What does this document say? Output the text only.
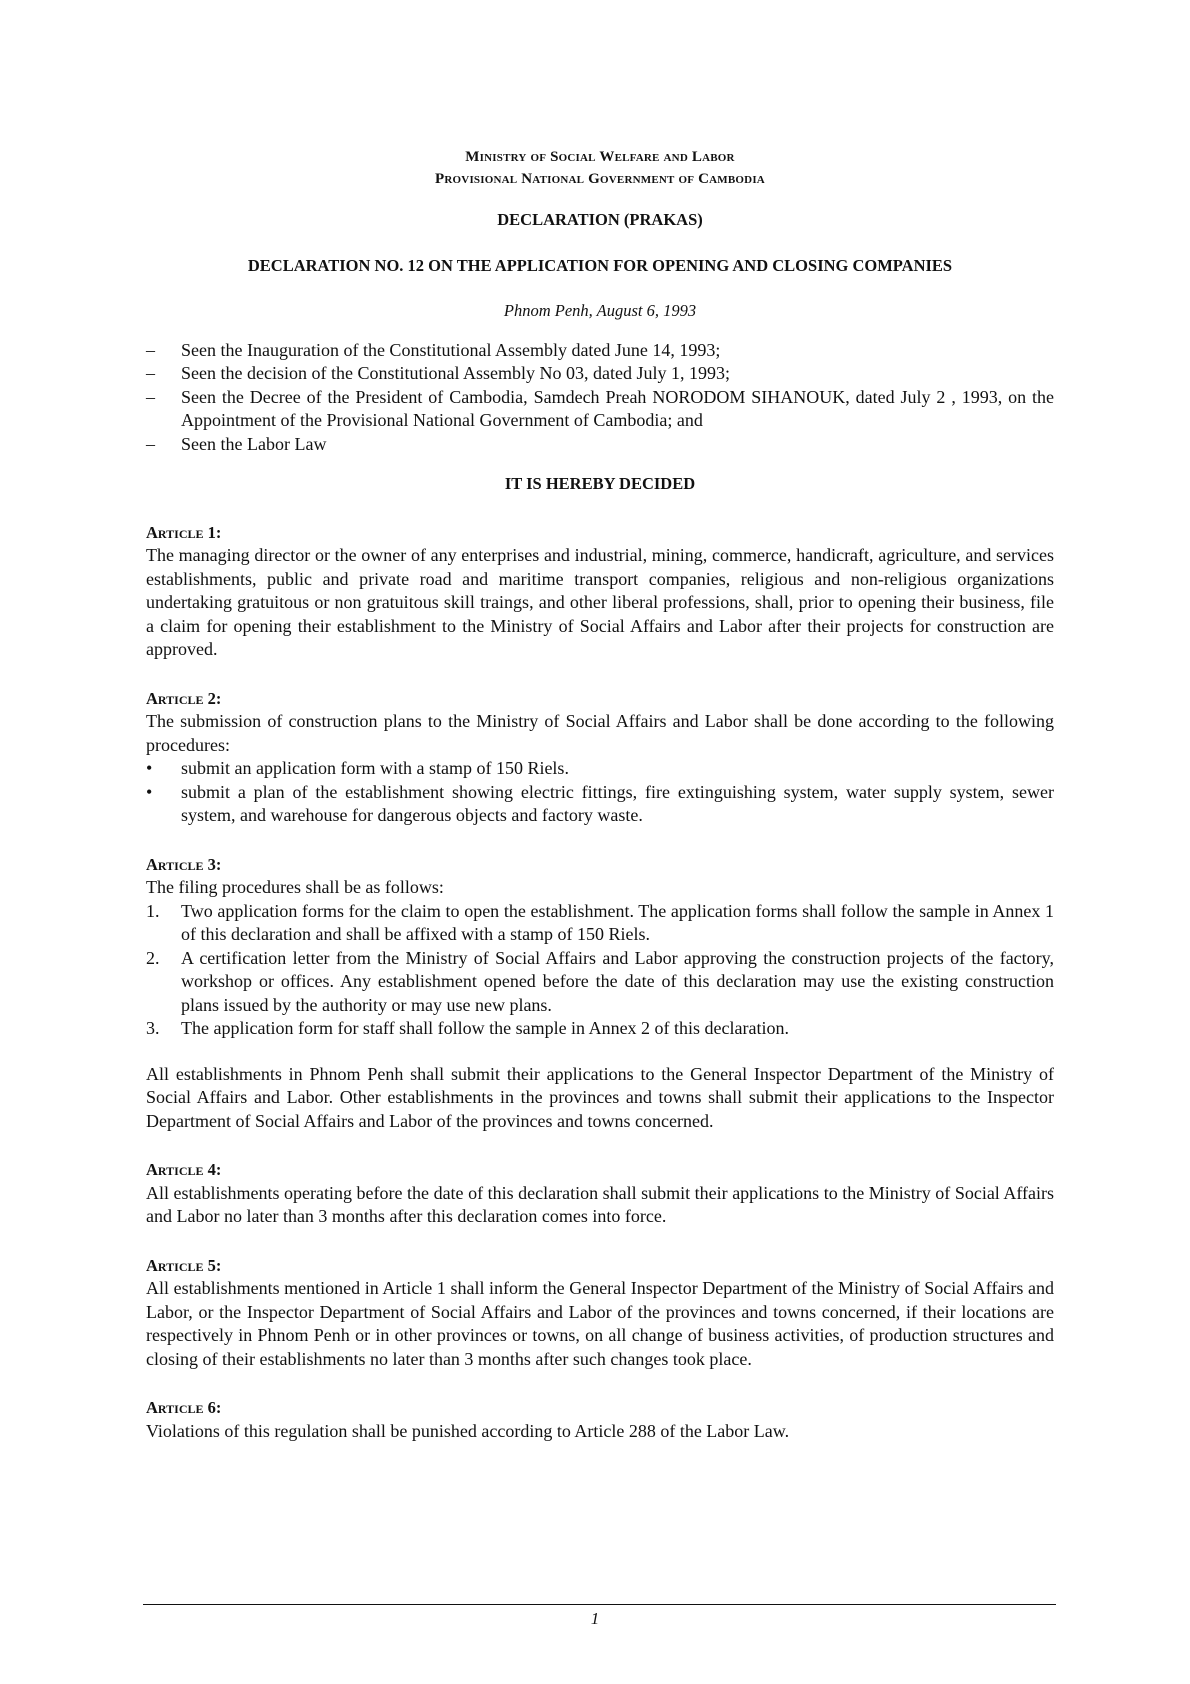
Ministry of Social Welfare and Labor
Provisional National Government of Cambodia
DECLARATION (PRAKAS)
DECLARATION NO. 12 ON THE APPLICATION FOR OPENING AND CLOSING COMPANIES
Phnom Penh, August 6, 1993
–	Seen the Inauguration of the Constitutional Assembly dated June 14, 1993;
–	Seen the decision of the Constitutional Assembly No 03, dated July 1, 1993;
–	Seen the Decree of the President of Cambodia, Samdech Preah NORODOM SIHANOUK, dated July 2 , 1993, on the Appointment of the Provisional National Government of Cambodia; and
–	Seen the Labor Law
IT IS HEREBY DECIDED
Article 1:

The managing director or the owner of any enterprises and industrial, mining, commerce, handicraft, agriculture, and services establishments, public and private road and maritime transport companies, religious and non-religious organizations undertaking gratuitous or non gratuitous skill traings, and other liberal professions, shall, prior to opening their business, file a claim for opening their establishment to the Ministry of Social Affairs and Labor after their projects for construction are approved.

Article 2:

The submission of construction plans to the Ministry of Social Affairs and Labor shall be done according to the following procedures:

•	submit an application form with a stamp of 150 Riels.
•	submit a plan of the establishment showing electric fittings, fire extinguishing system, water supply system, sewer system, and warehouse for dangerous objects and factory waste.
Article 3:

The filing procedures shall be as follows:

1.	Two application forms for the claim to open the establishment. The application forms shall follow the sample in Annex 1 of this declaration and shall be affixed with a stamp of 150 Riels.
2.	A certification letter from the Ministry of Social Affairs and Labor approving the construction projects of the factory, workshop or offices. Any establishment opened before the date of this declaration may use the existing construction plans issued by the authority or may use new plans.
3.	The application form for staff shall follow the sample in Annex 2 of this declaration.

All establishments in Phnom Penh shall submit their applications to the General Inspector Department of the Ministry of Social Affairs and Labor. Other establishments in the provinces and towns shall submit their applications to the Inspector Department of Social Affairs and Labor of the provinces and towns concerned.

Article 4:

All establishments operating before the date of this declaration shall submit their applications to the Ministry of Social Affairs and Labor no later than 3 months after this declaration comes into force.

Article 5:

All establishments mentioned in Article 1 shall inform the General Inspector Department of the Ministry of Social Affairs and Labor, or the Inspector Department of Social Affairs and Labor of the provinces and towns concerned, if their locations are respectively in Phnom Penh or in other provinces or towns, on all change of business activities, of production structures and closing of their establishments no later than 3 months after such changes took place.

Article 6:

Violations of this regulation shall be punished according to Article 288 of the Labor Law.

1
